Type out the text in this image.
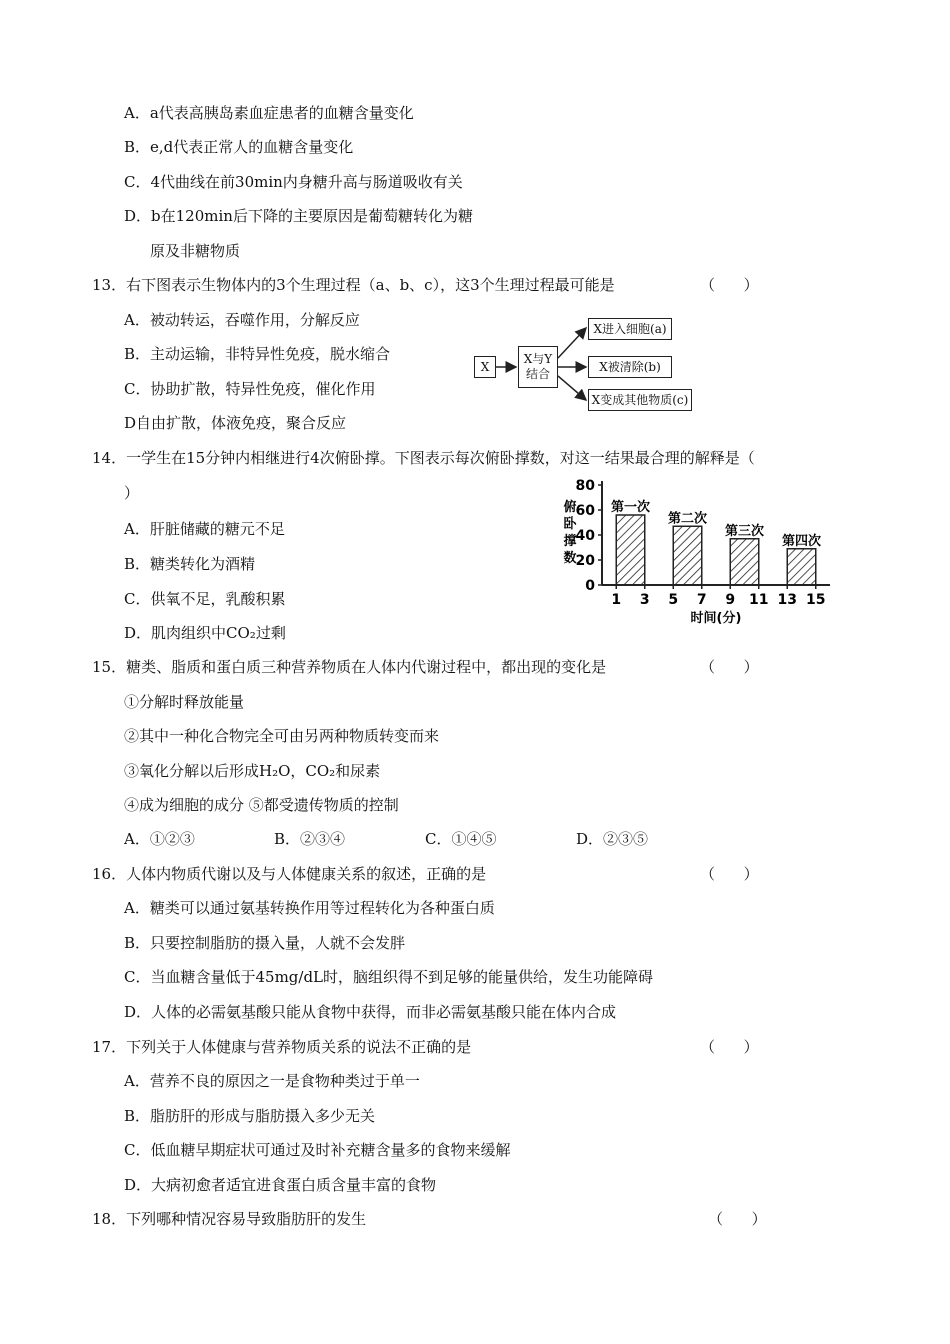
A．a代表高胰岛素血症患者的血糖含量变化
B．e,d代表正常人的血糖含量变化
C．4代曲线在前30min内身糖升高与肠道吸收有关
D．b在120min后下降的主要原因是葡萄糖转化为糖
原及非糖物质
13．右下图表示生物体内的3个生理过程（a、b、c），这3个生理过程最可能是	（      ）
A．被动转运，吞噬作用，分解反应
B．主动运输，非特异性免疫，脱水缩合
C．协助扩散，特异性免疫，催化作用
D自由扩散，体液免疫，聚合反应
X
X与Y
结合
X进入细胞(a)
X被清除(b)
X变成其他物质(c)
14．一学生在15分钟内相继进行4次俯卧撑。下图表示每次俯卧撑数，对这一结果最合理的解释是（
）
A．肝脏储藏的糖元不足
B．糖类转化为酒精
C．供氧不足，乳酸积累
D．肌肉组织中CO₂过剩
0
20
40
60
80
俯
卧
撑
数
1 3 5 7 9 11 13 15
时间(分)
第一次
第二次
第三次
第四次
15．糖类、脂质和蛋白质三种营养物质在人体内代谢过程中，都出现的变化是	（      ）
①分解时释放能量
②其中一种化合物完全可由另两种物质转变而来
③氧化分解以后形成H₂O，CO₂和尿素
④成为细胞的成分 ⑤都受遗传物质的控制
A．①②③	B．②③④	C．①④⑤	D．②③⑤
16．人体内物质代谢以及与人体健康关系的叙述，正确的是	（      ）
A．糖类可以通过氨基转换作用等过程转化为各种蛋白质
B．只要控制脂肪的摄入量，人就不会发胖
C．当血糖含量低于45mg/dL时，脑组织得不到足够的能量供给，发生功能障碍
D．人体的必需氨基酸只能从食物中获得，而非必需氨基酸只能在体内合成
17．下列关于人体健康与营养物质关系的说法不正确的是	（      ）
A．营养不良的原因之一是食物种类过于单一
B．脂肪肝的形成与脂肪摄入多少无关
C．低血糖早期症状可通过及时补充糖含量多的食物来缓解
D．大病初愈者适宜进食蛋白质含量丰富的食物
18．下列哪种情况容易导致脂肪肝的发生	（      ）
